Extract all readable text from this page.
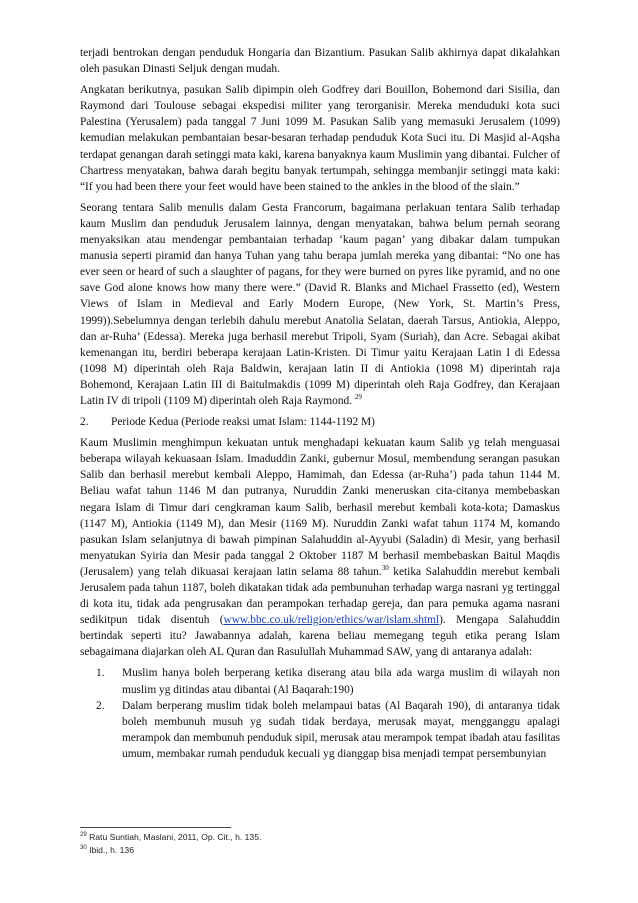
terjadi bentrokan dengan penduduk Hongaria dan Bizantium. Pasukan Salib akhirnya dapat dikalahkan oleh pasukan Dinasti Seljuk dengan mudah.

Angkatan berikutnya, pasukan Salib dipimpin oleh Godfrey dari Bouillon, Bohemond dari Sisilia, dan Raymond dari Toulouse sebagai ekspedisi militer yang terorganisir. Mereka menduduki kota suci Palestina (Yerusalem) pada tanggal 7 Juni 1099 M. Pasukan Salib yang memasuki Jerusalem (1099) kemudian melakukan pembantaian besar-besaran terhadap penduduk Kota Suci itu. Di Masjid al-Aqsha terdapat genangan darah setinggi mata kaki, karena banyaknya kaum Muslimin yang dibantai. Fulcher of Chartress menyatakan, bahwa darah begitu banyak tertumpah, sehingga membanjir setinggi mata kaki: “If you had been there your feet would have been stained to the ankles in the blood of the slain.”

Seorang tentara Salib menulis dalam Gesta Francorum, bagaimana perlakuan tentara Salib terhadap kaum Muslim dan penduduk Jerusalem lainnya, dengan menyatakan, bahwa belum pernah seorang menyaksikan atau mendengar pembantaian terhadap ‘kaum pagan’ yang dibakar dalam tumpukan manusia seperti piramid dan hanya Tuhan yang tahu berapa jumlah mereka yang dibantai: “No one has ever seen or heard of such a slaughter of pagans, for they were burned on pyres like pyramid, and no one save God alone knows how many there were.” (David R. Blanks and Michael Frassetto (ed), Western Views of Islam in Medieval and Early Modern Europe, (New York, St. Martin’s Press, 1999)).Sebelumnya dengan terlebih dahulu merebut Anatolia Selatan, daerah Tarsus, Antiokia, Aleppo, dan ar-Ruha’ (Edessa). Mereka juga berhasil merebut Tripoli, Syam (Suriah), dan Acre. Sebagai akibat kemenangan itu, berdiri beberapa kerajaan Latin-Kristen. Di Timur yaitu Kerajaan Latin I di Edessa (1098 M) diperintah oleh Raja Baldwin, kerajaan latin II di Antiokia (1098 M) diperintah raja Bohemond, Kerajaan Latin III di Baitulmakdis (1099 M) diperintah oleh Raja Godfrey, dan Kerajaan Latin IV di tripoli (1109 M) diperintah oleh Raja Raymond. $^{29}$

2.	Periode Kedua (Periode reaksi umat Islam: 1144-1192 M)

Kaum Muslimin menghimpun kekuatan untuk menghadapi kekuatan kaum Salib yg telah menguasai beberapa wilayah kekuasaan Islam. Imaduddin Zanki, gubernur Mosul, membendung serangan pasukan Salib dan berhasil merebut kembali Aleppo, Hamimah, dan Edessa (ar-Ruha’) pada tahun 1144 M. Beliau wafat tahun 1146 M dan putranya, Nuruddin Zanki meneruskan cita-citanya membebaskan negara Islam di Timur dari cengkraman kaum Salib, berhasil merebut kembali kota-kota; Damaskus (1147 M), Antiokia (1149 M), dan Mesir (1169 M). Nuruddin Zanki wafat tahun 1174 M, komando pasukan Islam selanjutnya di bawah pimpinan Salahuddin al-Ayyubi (Saladin) di Mesir, yang berhasil menyatukan Syiria dan Mesir pada tanggal 2 Oktober 1187 M berhasil membebaskan Baitul Maqdis (Jerusalem) yang telah dikuasai kerajaan latin selama 88 tahun.$^{30}$ ketika Salahuddin merebut kembali Jerusalem pada tahun 1187, boleh dikatakan tidak ada pembunuhan terhadap warga nasrani yg tertinggal di kota itu, tidak ada pengrusakan dan perampokan terhadap gereja, dan para pemuka agama nasrani sedikitpun tidak disentuh (www.bbc.co.uk/religion/ethics/war/islam.shtml). Mengapa Salahuddin bertindak seperti itu? Jawabannya adalah, karena beliau memegang teguh etika perang Islam sebagaimana diajarkan oleh AL Quran dan Rasulullah Muhammad SAW, yang di antaranya adalah:

1.	Muslim hanya boleh berperang ketika diserang atau bila ada warga muslim di wilayah non muslim yg ditindas atau dibantai (Al Baqarah:190)
2.	Dalam berperang muslim tidak boleh melampaui batas (Al Baqarah 190), di antaranya tidak boleh membunuh musuh yg sudah tidak berdaya, merusak mayat, mengganggu apalagi merampok dan membunuh penduduk sipil, merusak atau merampok tempat ibadah atau fasilitas umum, membakar rumah penduduk kecuali yg dianggap bisa menjadi tempat persembunyian
$^{29}$ Ratu Suntiah, Maslani, 2011, Op. Cit., h. 135.
$^{30}$ Ibid., h. 136
